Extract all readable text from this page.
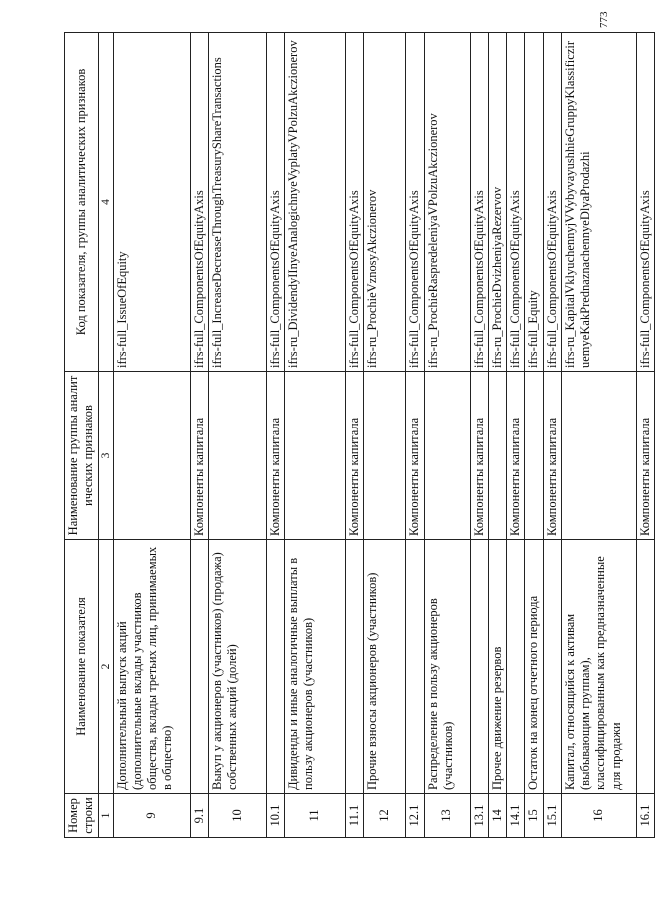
773
Номер строки	Наименование показателя	Наименование группы аналитических признаков	Код показателя, группы аналитических признаков
1	2	3	4
9	Дополнительный выпуск акций (дополнительные вклады участников общества, вклады третьих лиц, принимаемых в общество)		ifrs-full_IssueOfEquity
9.1		Компоненты капитала	ifrs-full_ComponentsOfEquityAxis
10	Выкуп у акционеров (участников) (продажа) собственных акций (долей)		ifrs-full_IncreaseDecreaseThroughTreasuryShareTransactions
10.1		Компоненты капитала	ifrs-full_ComponentsOfEquityAxis
11	Дивиденды и иные аналогичные выплаты в пользу акционеров (участников)		ifrs-ru_DividendyIInyeAnalogichnyeVyplatyVPolzuAkczionerov
11.1		Компоненты капитала	ifrs-full_ComponentsOfEquityAxis
12	Прочие взносы акционеров (участников)		ifrs-ru_ProchieVznosyAkczionerov
12.1		Компоненты капитала	ifrs-full_ComponentsOfEquityAxis
13	Распределение в пользу акционеров (участников)		ifrs-ru_ProchieRaspredeleniyaVPolzuAkczionerov
13.1		Компоненты капитала	ifrs-full_ComponentsOfEquityAxis
14	Прочее движение резервов		ifrs-ru_ProchieDvizheniyaRezervov
14.1		Компоненты капитала	ifrs-full_ComponentsOfEquityAxis
15	Остаток на конец отчетного периода		ifrs-full_Equity
15.1		Компоненты капитала	ifrs-full_ComponentsOfEquityAxis
16	Капитал, относящийся к активам (выбывающим группам), классифицированным как предназначенные для продажи		ifrs-ru_KapitalVklyuchennyjVVybyvayushhieGruppyKlassificziruemyeKakPrednaznachennyeDlyaProdazhi
16.1		Компоненты капитала	ifrs-full_ComponentsOfEquityAxis
